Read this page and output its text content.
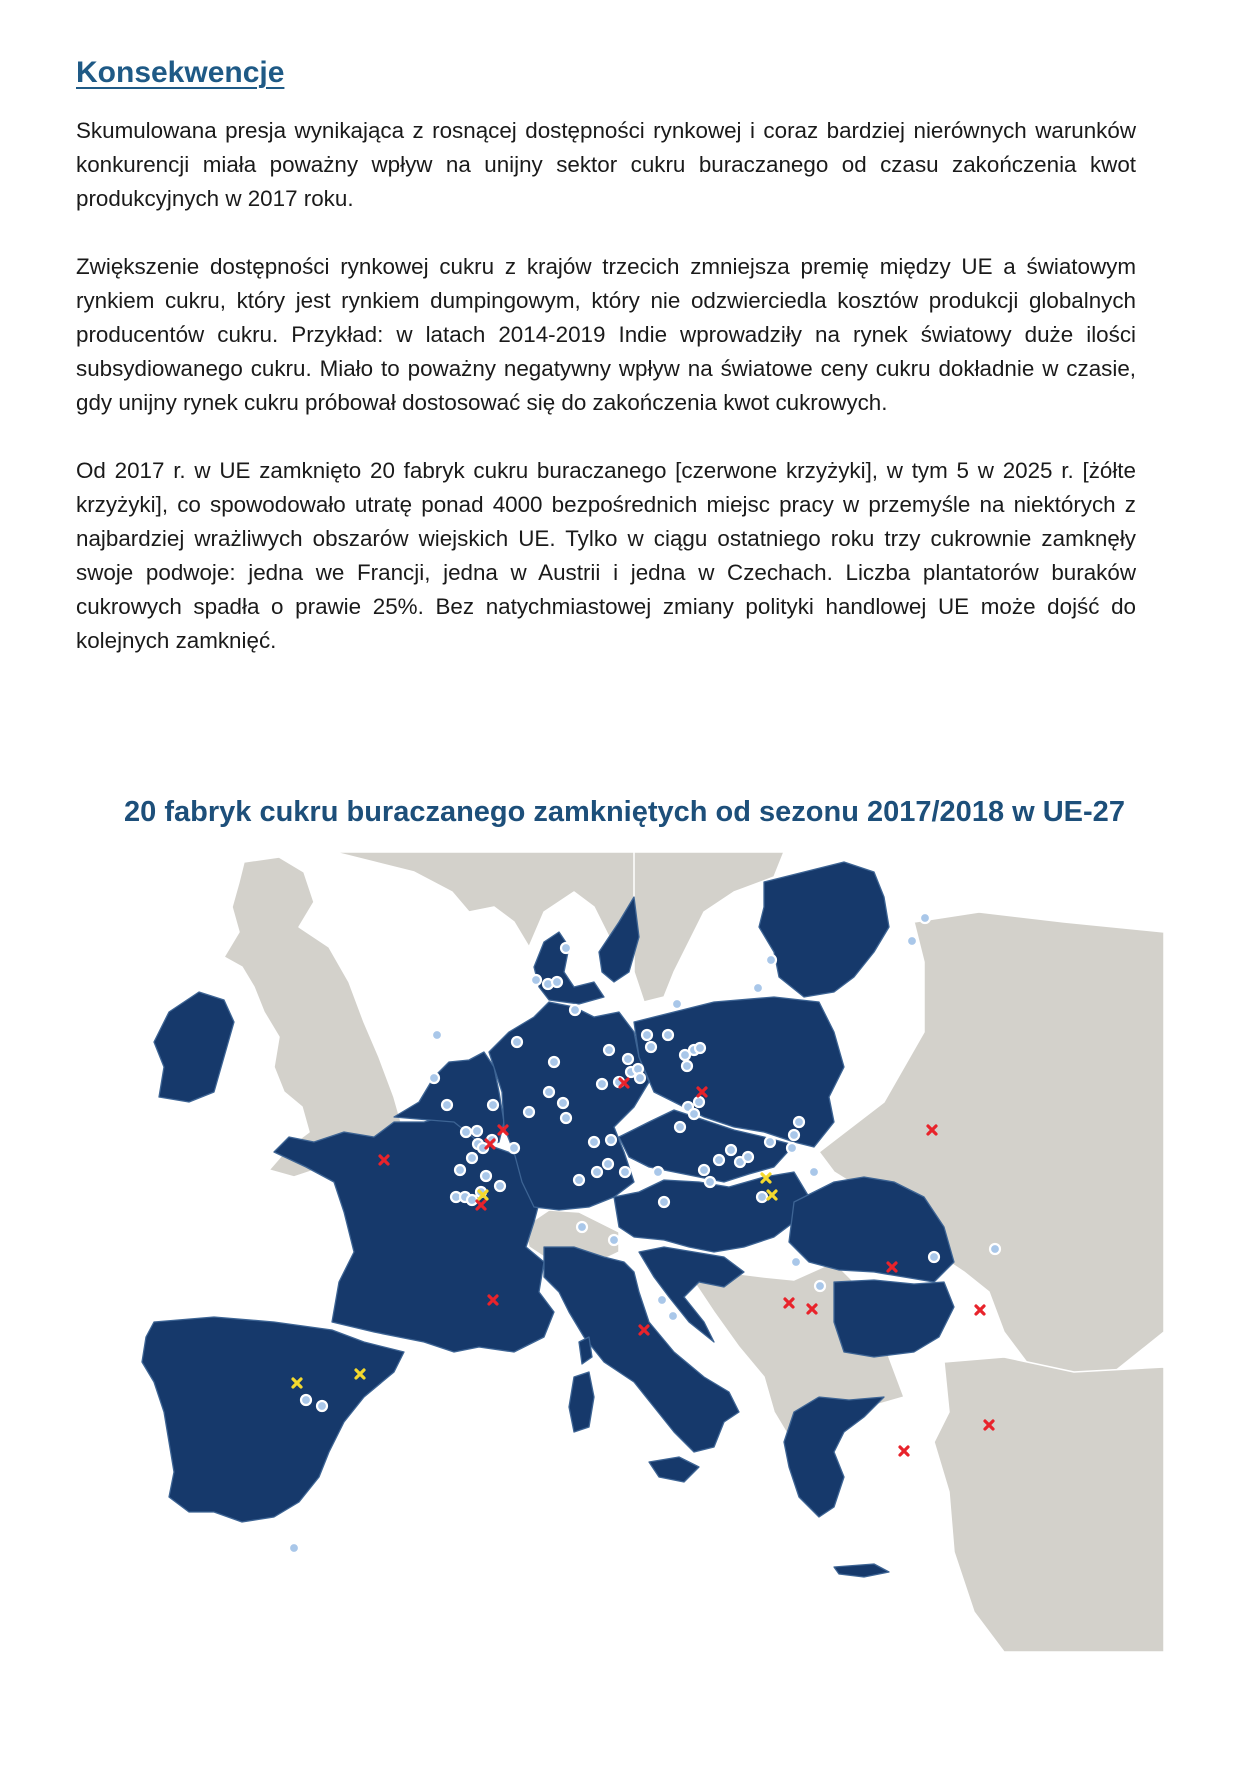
Konsekwencje

Skumulowana presja wynikająca z rosnącej dostępności rynkowej i coraz bardziej nierównych warunków konkurencji miała poważny wpływ na unijny sektor cukru buraczanego od czasu zakończenia kwot produkcyjnych w 2017 roku.

Zwiększenie dostępności rynkowej cukru z krajów trzecich zmniejsza premię między UE a światowym rynkiem cukru, który jest rynkiem dumpingowym, który nie odzwierciedla kosztów produkcji globalnych producentów cukru. Przykład: w latach 2014-2019 Indie wprowadziły na rynek światowy duże ilości subsydiowanego cukru. Miało to poważny negatywny wpływ na światowe ceny cukru dokładnie w czasie, gdy unijny rynek cukru próbował dostosować się do zakończenia kwot cukrowych.

Od 2017 r. w UE zamknięto 20 fabryk cukru buraczanego [czerwone krzyżyki], w tym 5 w 2025 r. [żółte krzyżyki], co spowodowało utratę ponad 4000 bezpośrednich miejsc pracy w przemyśle na niektórych z najbardziej wrażliwych obszarów wiejskich UE. Tylko w ciągu ostatniego roku trzy cukrownie zamknęły swoje podwoje: jedna we Francji, jedna w Austrii i jedna w Czechach. Liczba plantatorów buraków cukrowych spadła o prawie 25%. Bez natychmiastowej zmiany polityki handlowej UE może dojść do kolejnych zamknięć.

20 fabryk cukru buraczanego zamkniętych od sezonu 2017/2018 w UE-27
